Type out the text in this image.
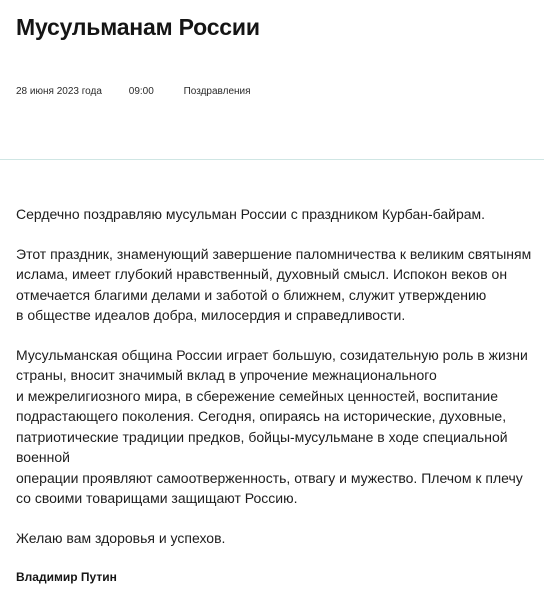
Мусульманам России
28 июня 2023 года	09:00	Поздравления

Сердечно поздравляю мусульман России с праздником Курбан-байрам.

Этот праздник, знаменующий завершение паломничества к великим святыням
ислама, имеет глубокий нравственный, духовный смысл. Испокон веков он
отмечается благими делами и заботой о ближнем, служит утверждению
в обществе идеалов добра, милосердия и справедливости.

Мусульманская община России играет большую, созидательную роль в жизни
страны, вносит значимый вклад в упрочение межнационального
и межрелигиозного мира, в сбережение семейных ценностей, воспитание
подрастающего поколения. Сегодня, опираясь на исторические, духовные,
патриотические традиции предков, бойцы-мусульмане в ходе специальной военной
операции проявляют самоотверженность, отвагу и мужество. Плечом к плечу
со своими товарищами защищают Россию.

Желаю вам здоровья и успехов.

Владимир Путин
